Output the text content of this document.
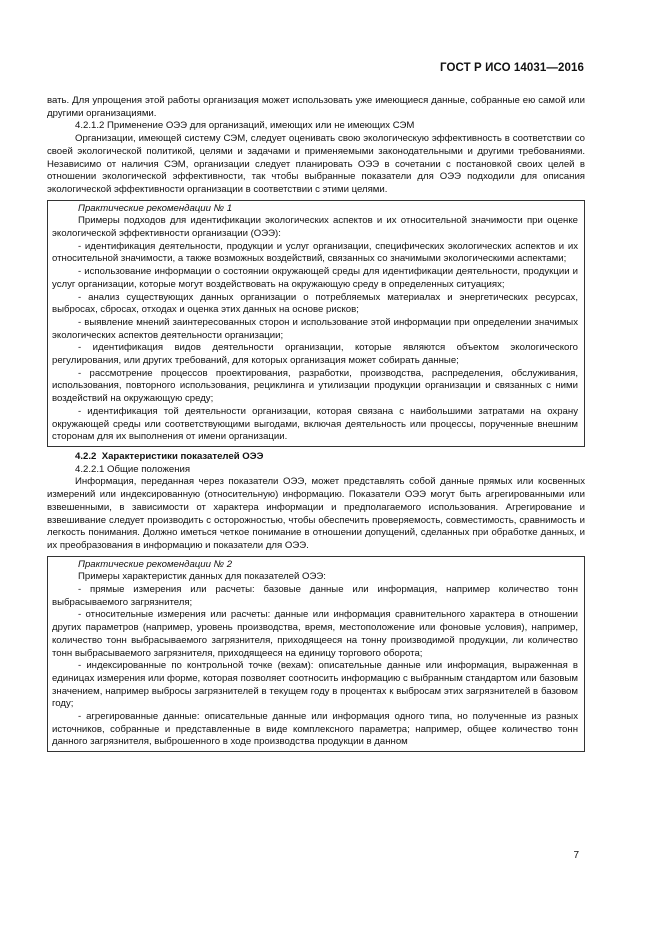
ГОСТ Р ИСО 14031—2016

вать. Для упрощения этой работы организация может использовать уже имеющиеся данные, собранные ею самой или другими организациями.

4.2.1.2 Применение ОЭЭ для организаций, имеющих или не имеющих СЭМ

Организации, имеющей систему СЭМ, следует оценивать свою экологическую эффективность в соответствии со своей экологической политикой, целями и задачами и применяемыми законодательными и другими требованиями. Независимо от наличия СЭМ, организации следует планировать ОЭЭ в сочетании с постановкой своих целей в отношении экологической эффективности, так чтобы выбранные показатели для ОЭЭ подходили для описания экологической эффективности организации в соответствии с этими целями.

Практические рекомендации № 1

Примеры подходов для идентификации экологических аспектов и их относительной значимости при оценке экологической эффективности организации (ОЭЭ):

- идентификация деятельности, продукции и услуг организации, специфических экологических аспектов и их относительной значимости, а также возможных воздействий, связанных со значимыми экологическими аспектами;

- использование информации о состоянии окружающей среды для идентификации деятельности, продукции и услуг организации, которые могут воздействовать на окружающую среду в определенных ситуациях;

- анализ существующих данных организации о потребляемых материалах и энергетических ресурсах, выбросах, сбросах, отходах и оценка этих данных на основе рисков;

- выявление мнений заинтересованных сторон и использование этой информации при определении значимых экологических аспектов деятельности организации;

- идентификация видов деятельности организации, которые являются объектом экологического регулирования, или других требований, для которых организация может собирать данные;

- рассмотрение процессов проектирования, разработки, производства, распределения, обслуживания, использования, повторного использования, рециклинга и утилизации продукции организации и связанных с ними воздействий на окружающую среду;

- идентификация той деятельности организации, которая связана с наибольшими затратами на охрану окружающей среды или соответствующими выгодами, включая деятельность или процессы, порученные внешним сторонам для их выполнения от имени организации.

4.2.2 Характеристики показателей ОЭЭ

4.2.2.1 Общие положения

Информация, переданная через показатели ОЭЭ, может представлять собой данные прямых или косвенных измерений или индексированную (относительную) информацию. Показатели ОЭЭ могут быть агрегированными или взвешенными, в зависимости от характера информации и предполагаемого использования. Агрегирование и взвешивание следует производить с осторожностью, чтобы обеспечить проверяемость, совместимость, сравнимость и легкость понимания. Должно иметься четкое понимание в отношении допущений, сделанных при обработке данных, и их преобразования в информацию и показатели для ОЭЭ.

Практические рекомендации № 2

Примеры характеристик данных для показателей ОЭЭ:

- прямые измерения или расчеты: базовые данные или информация, например количество тонн выбрасываемого загрязнителя;

- относительные измерения или расчеты: данные или информация сравнительного характера в отношении других параметров (например, уровень производства, время, местоположение или фоновые условия), например, количество тонн выбрасываемого загрязнителя, приходящееся на тонну производимой продукции, ли количество тонн выбрасываемого загрязнителя, приходящееся на единицу торгового оборота;

- индексированные по контрольной точке (вехам): описательные данные или информация, выраженная в единицах измерения или форме, которая позволяет соотносить информацию с выбранным стандартом или базовым значением, например выбросы загрязнителей в текущем году в процентах к выбросам этих загрязнителей в базовом году;

- агрегированные данные: описательные данные или информация одного типа, но полученные из разных источников, собранные и представленные в виде комплексного параметра; например, общее количество тонн данного загрязнителя, выброшенного в ходе производства продукции в данном

7
